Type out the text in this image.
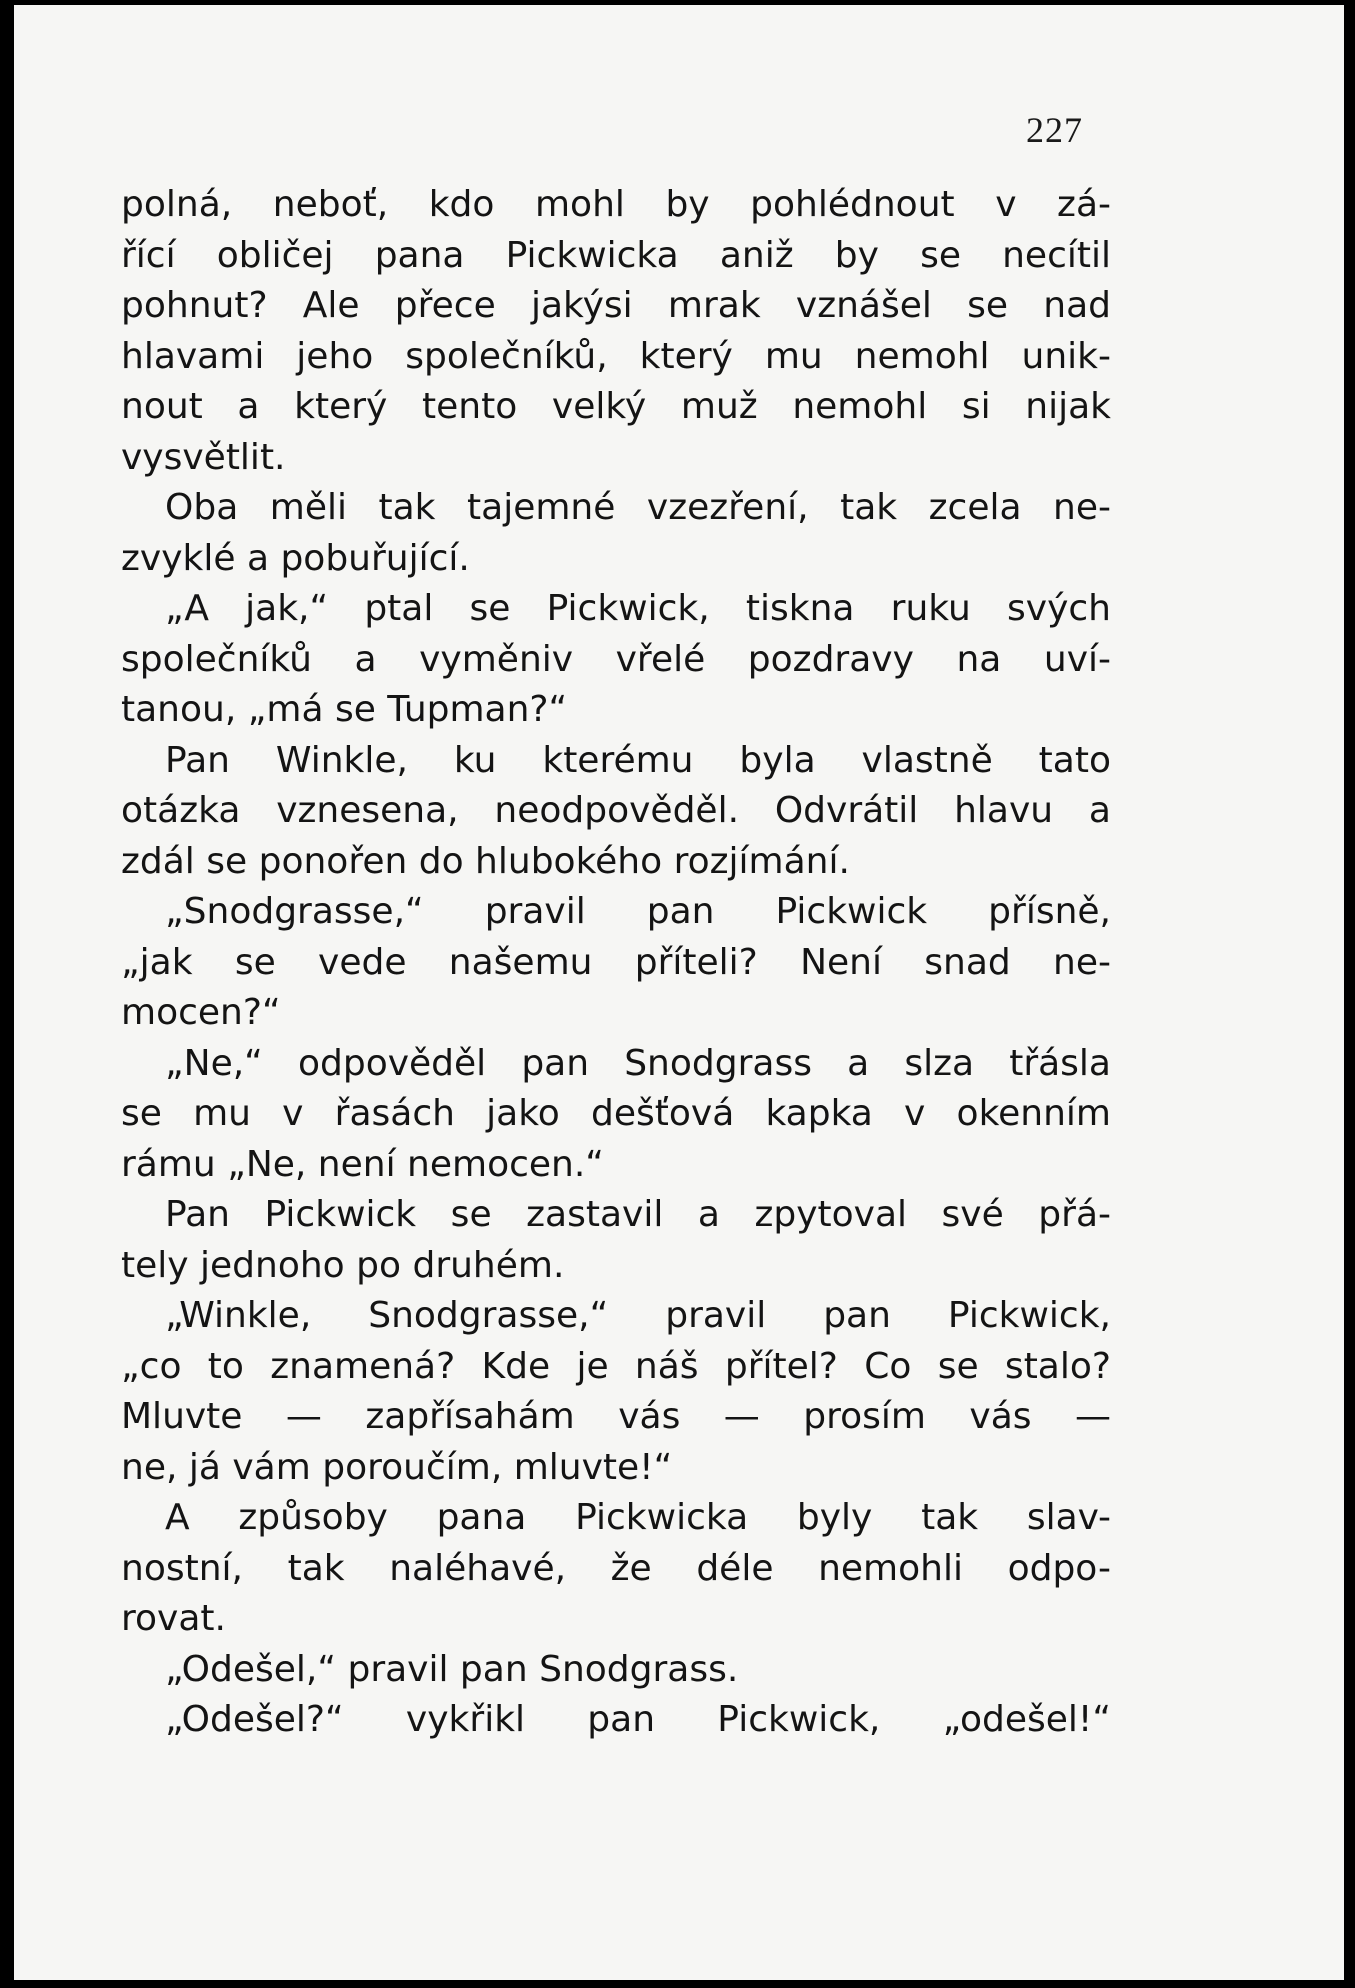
227
polná, neboť, kdo mohl by pohlédnout v zá-
řící obličej pana Pickwicka aniž by se necítil
pohnut? Ale přece jakýsi mrak vznášel se nad
hlavami jeho společníků, který mu nemohl unik-
nout a který tento velký muž nemohl si nijak
vysvětlit.
Oba měli tak tajemné vzezření, tak zcela ne-
zvyklé a pobuřující.
„A jak,“ ptal se Pickwick, tiskna ruku svých
společníků a vyměniv vřelé pozdravy na uví-
tanou, „má se Tupman?“
Pan Winkle, ku kterému byla vlastně tato
otázka vznesena, neodpověděl. Odvrátil hlavu a
zdál se ponořen do hlubokého rozjímání.
„Snodgrasse,“ pravil pan Pickwick přísně,
„jak se vede našemu příteli? Není snad ne-
mocen?“
„Ne,“ odpověděl pan Snodgrass a slza třásla
se mu v řasách jako dešťová kapka v okenním
rámu „Ne, není nemocen.“
Pan Pickwick se zastavil a zpytoval své přá-
tely jednoho po druhém.
„Winkle, Snodgrasse,“ pravil pan Pickwick,
„co to znamená? Kde je náš přítel? Co se stalo?
Mluvte — zapřísahám vás — prosím vás —
ne, já vám poroučím, mluvte!“
A způsoby pana Pickwicka byly tak slav-
nostní, tak naléhavé, že déle nemohli odpo-
rovat.
„Odešel,“ pravil pan Snodgrass.
„Odešel?“ vykřikl pan Pickwick, „odešel!“
